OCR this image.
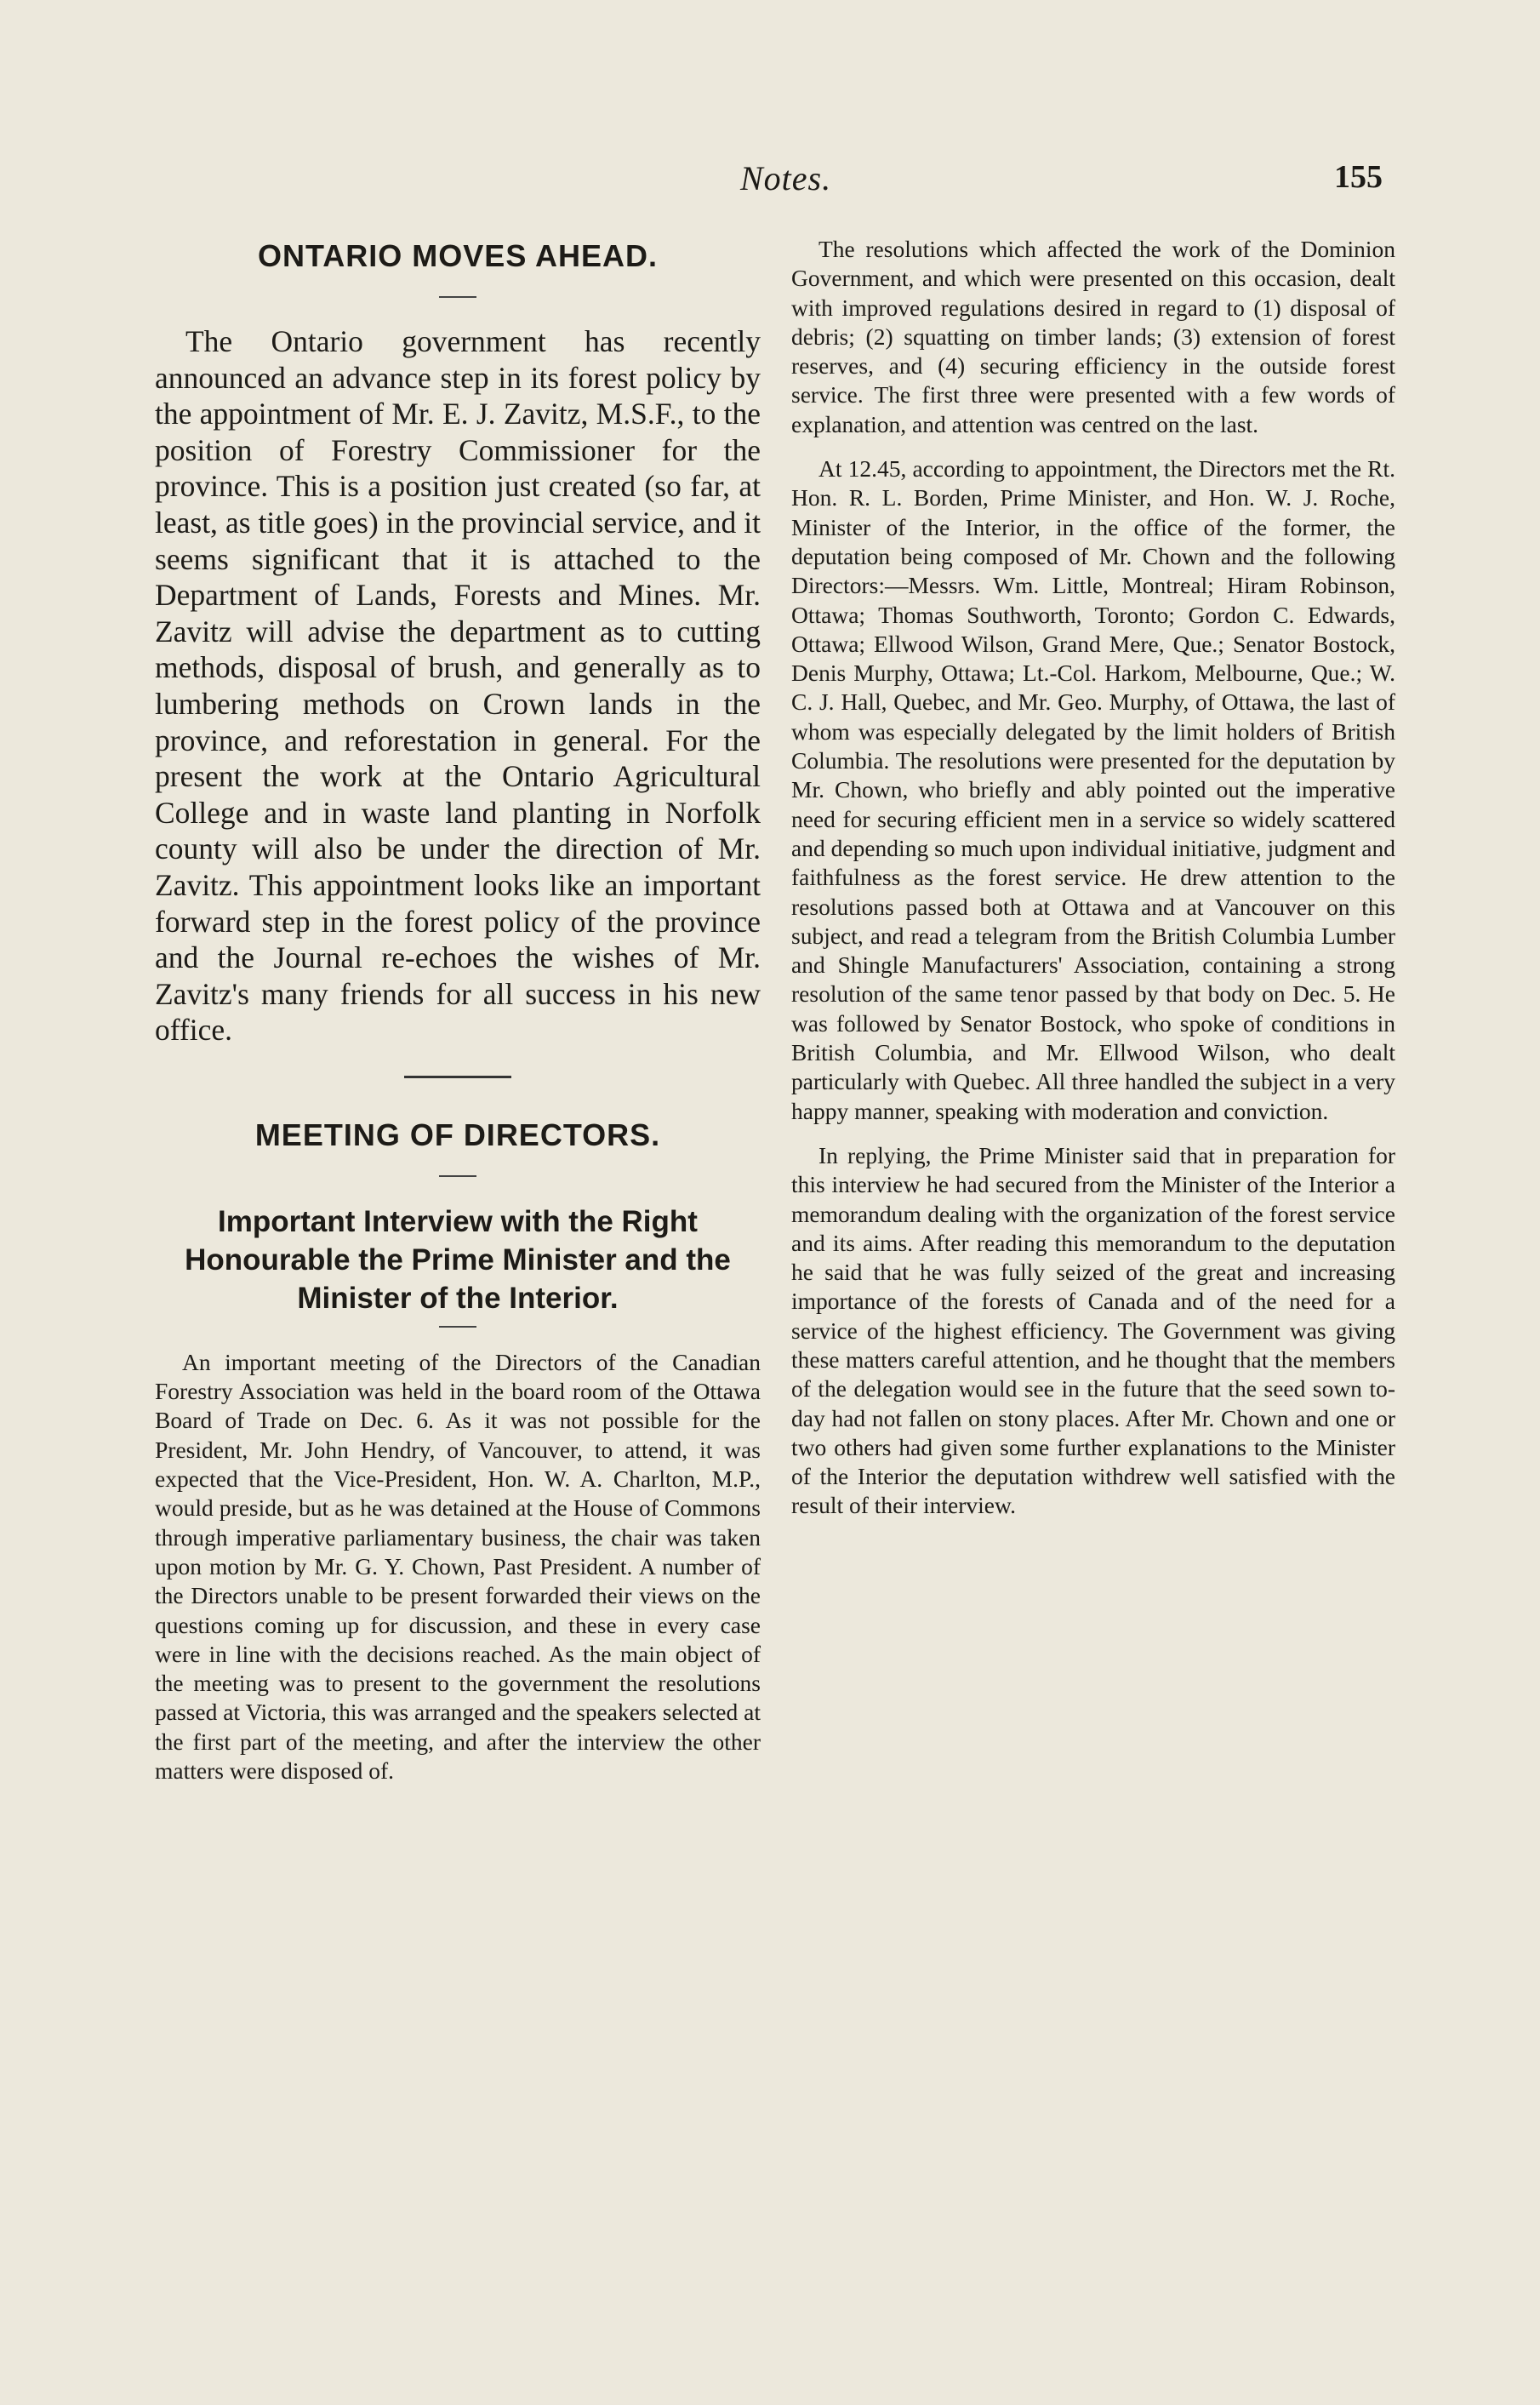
Notes.	155
ONTARIO MOVES AHEAD.

The Ontario government has recently announced an advance step in its forest policy by the appointment of Mr. E. J. Zavitz, M.S.F., to the position of Forestry Commissioner for the province. This is a position just created (so far, at least, as title goes) in the provincial service, and it seems significant that it is attached to the Department of Lands, Forests and Mines. Mr. Zavitz will advise the department as to cutting methods, disposal of brush, and generally as to lumbering methods on Crown lands in the province, and reforestation in general. For the present the work at the Ontario Agricultural College and in waste land planting in Norfolk county will also be under the direction of Mr. Zavitz. This appointment looks like an important forward step in the forest policy of the province and the Journal re-echoes the wishes of Mr. Zavitz's many friends for all success in his new office.

MEETING OF DIRECTORS.
Important Interview with the Right Honourable the Prime Minister and the Minister of the Interior.

An important meeting of the Directors of the Canadian Forestry Association was held in the board room of the Ottawa Board of Trade on Dec. 6. As it was not possible for the President, Mr. John Hendry, of Vancouver, to attend, it was expected that the Vice-President, Hon. W. A. Charlton, M.P., would preside, but as he was detained at the House of Commons through imperative parliamentary business, the chair was taken upon motion by Mr. G. Y. Chown, Past President. A number of the Directors unable to be present forwarded their views on the questions coming up for discussion, and these in every case were in line with the decisions reached. As the main object of the meeting was to present to the government the resolutions passed at Victoria, this was arranged and the speakers selected at the first part of the meeting, and after the interview the other matters were disposed of.

The resolutions which affected the work of the Dominion Government, and which were presented on this occasion, dealt with improved regulations desired in regard to (1) disposal of debris; (2) squatting on timber lands; (3) extension of forest reserves, and (4) securing efficiency in the outside forest service. The first three were presented with a few words of explanation, and attention was centred on the last.

At 12.45, according to appointment, the Directors met the Rt. Hon. R. L. Borden, Prime Minister, and Hon. W. J. Roche, Minister of the Interior, in the office of the former, the deputation being composed of Mr. Chown and the following Directors:—Messrs. Wm. Little, Montreal; Hiram Robinson, Ottawa; Thomas Southworth, Toronto; Gordon C. Edwards, Ottawa; Ellwood Wilson, Grand Mere, Que.; Senator Bostock, Denis Murphy, Ottawa; Lt.-Col. Harkom, Melbourne, Que.; W. C. J. Hall, Quebec, and Mr. Geo. Murphy, of Ottawa, the last of whom was especially delegated by the limit holders of British Columbia. The resolutions were presented for the deputation by Mr. Chown, who briefly and ably pointed out the imperative need for securing efficient men in a service so widely scattered and depending so much upon individual initiative, judgment and faithfulness as the forest service. He drew attention to the resolutions passed both at Ottawa and at Vancouver on this subject, and read a telegram from the British Columbia Lumber and Shingle Manufacturers' Association, containing a strong resolution of the same tenor passed by that body on Dec. 5. He was followed by Senator Bostock, who spoke of conditions in British Columbia, and Mr. Ellwood Wilson, who dealt particularly with Quebec. All three handled the subject in a very happy manner, speaking with moderation and conviction.

In replying, the Prime Minister said that in preparation for this interview he had secured from the Minister of the Interior a memorandum dealing with the organization of the forest service and its aims. After reading this memorandum to the deputation he said that he was fully seized of the great and increasing importance of the forests of Canada and of the need for a service of the highest efficiency. The Government was giving these matters careful attention, and he thought that the members of the delegation would see in the future that the seed sown to-day had not fallen on stony places. After Mr. Chown and one or two others had given some further explanations to the Minister of the Interior the deputation withdrew well satisfied with the result of their interview.
